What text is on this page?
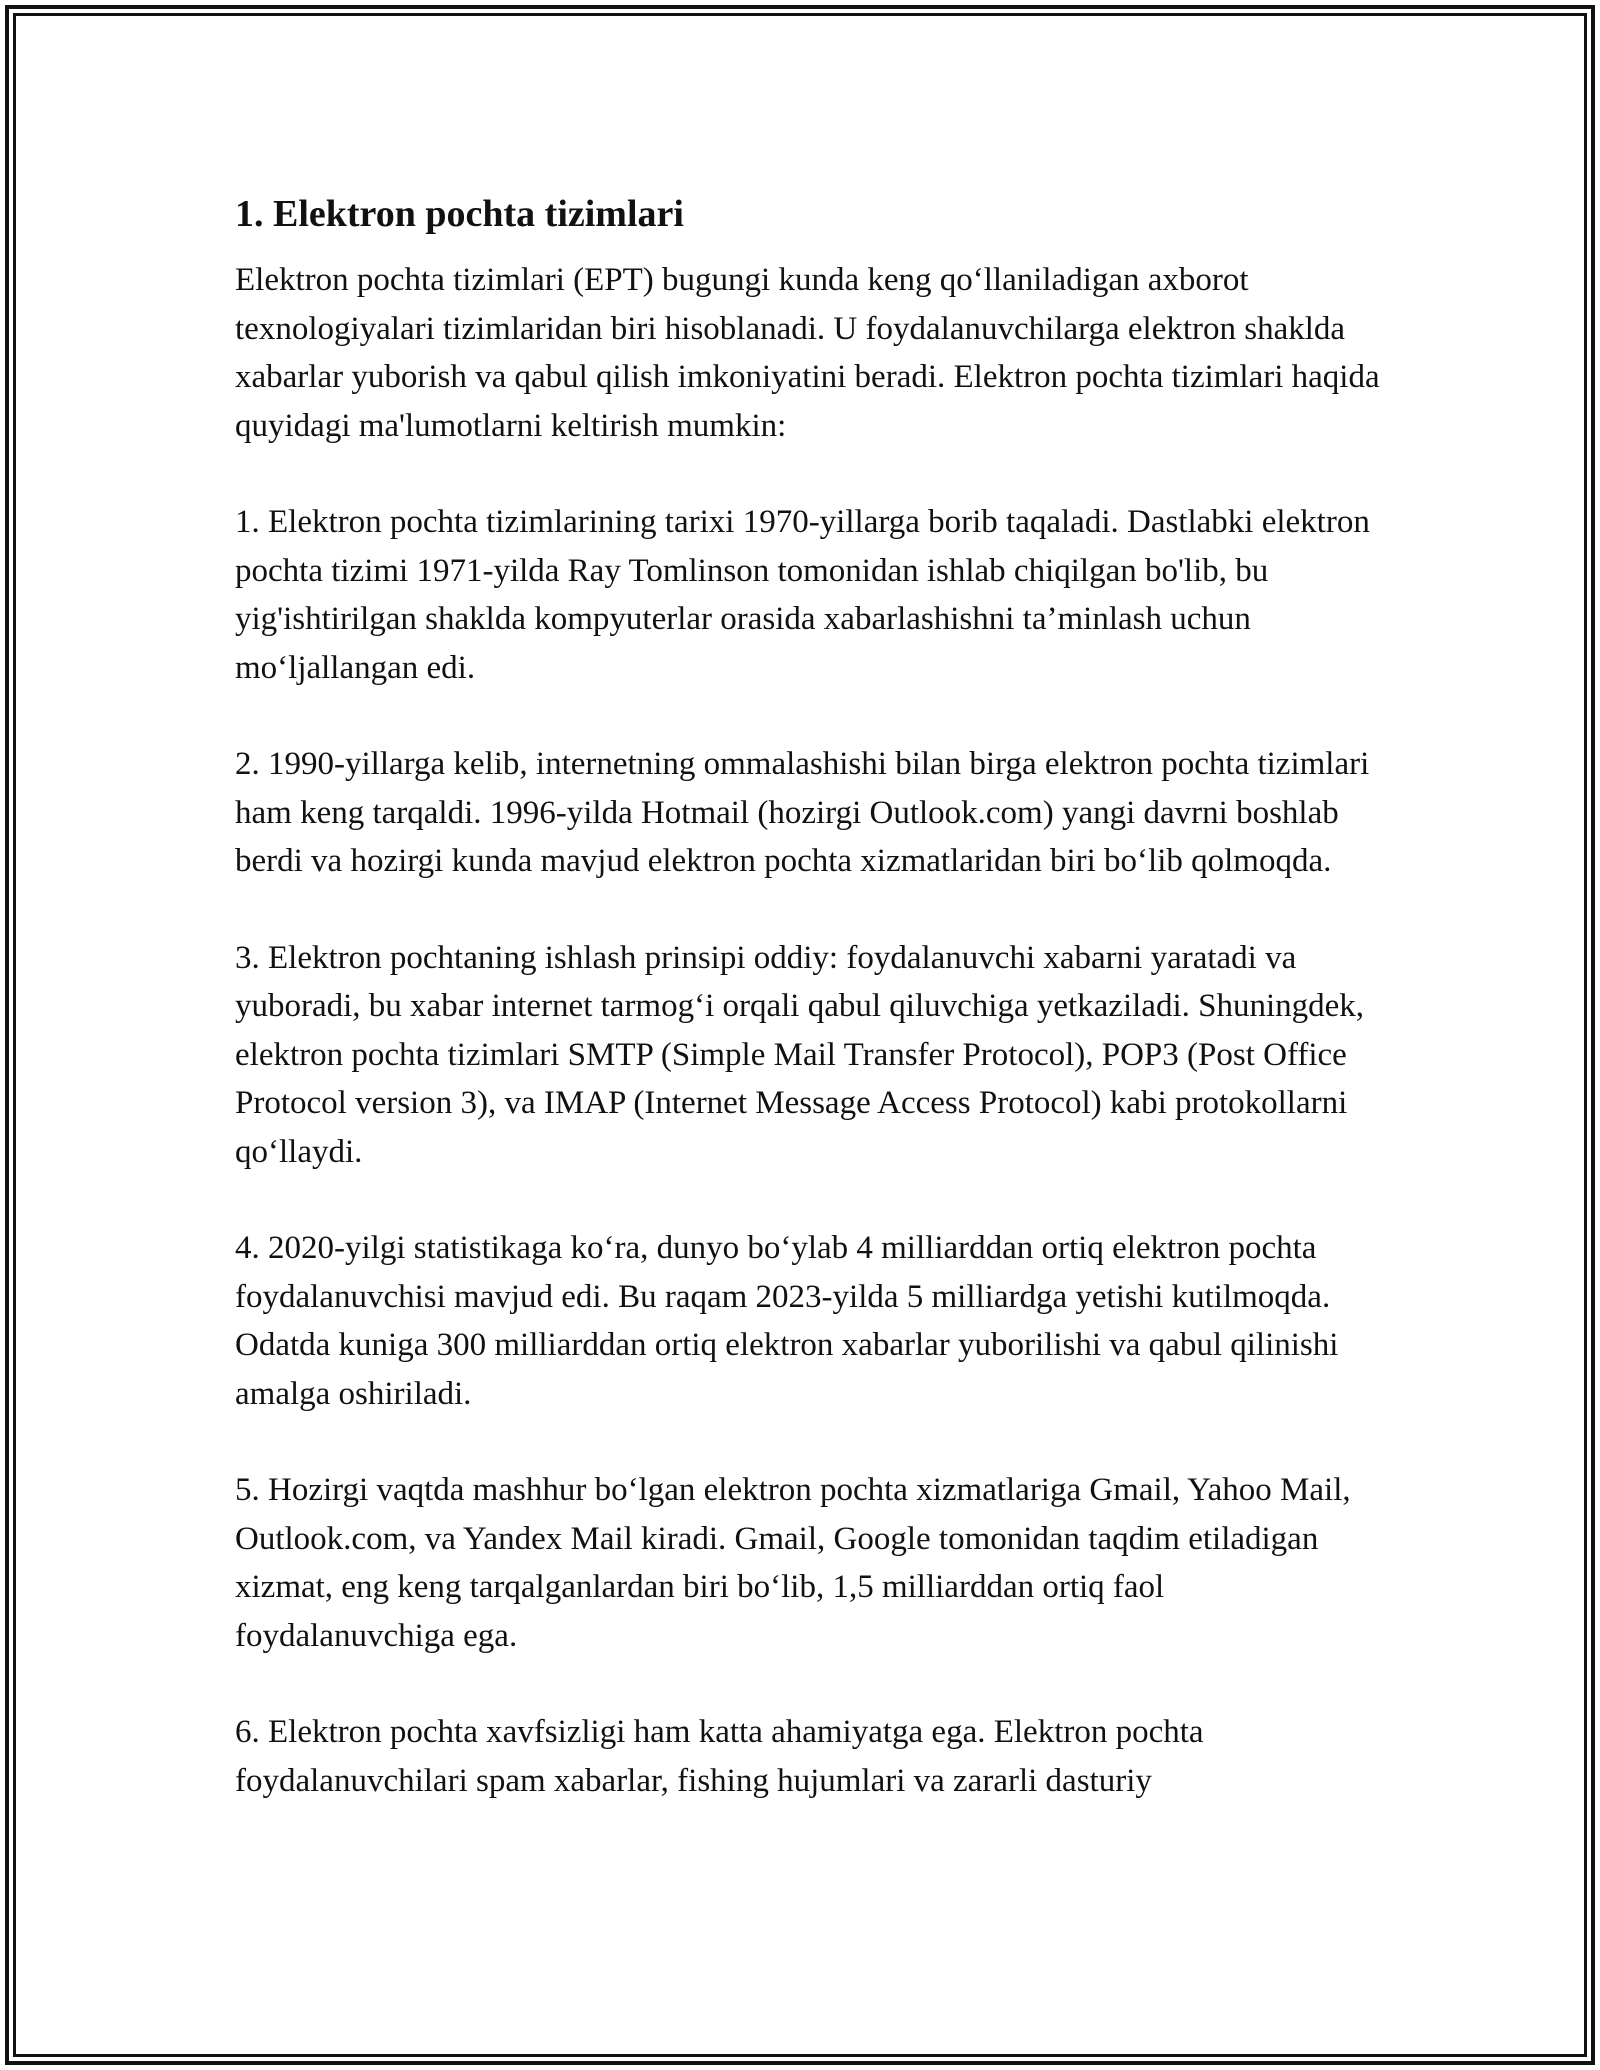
1. Elektron pochta tizimlari

Elektron pochta tizimlari (EPT) bugungi kunda keng qo‘llaniladigan axborot texnologiyalari tizimlaridan biri hisoblanadi. U foydalanuvchilarga elektron shaklda xabarlar yuborish va qabul qilish imkoniyatini beradi. Elektron pochta tizimlari haqida quyidagi ma'lumotlarni keltirish mumkin:

1. Elektron pochta tizimlarining tarixi 1970-yillarga borib taqaladi. Dastlabki elektron pochta tizimi 1971-yilda Ray Tomlinson tomonidan ishlab chiqilgan bo'lib, bu yig'ishtirilgan shaklda kompyuterlar orasida xabarlashishni ta’minlash uchun mo‘ljallangan edi.

2. 1990-yillarga kelib, internetning ommalashishi bilan birga elektron pochta tizimlari ham keng tarqaldi. 1996-yilda Hotmail (hozirgi Outlook.com) yangi davrni boshlab berdi va hozirgi kunda mavjud elektron pochta xizmatlaridan biri bo‘lib qolmoqda.

3. Elektron pochtaning ishlash prinsipi oddiy: foydalanuvchi xabarni yaratadi va yuboradi, bu xabar internet tarmog‘i orqali qabul qiluvchiga yetkaziladi. Shuningdek, elektron pochta tizimlari SMTP (Simple Mail Transfer Protocol), POP3 (Post Office Protocol version 3), va IMAP (Internet Message Access Protocol) kabi protokollarni qo‘llaydi.

4. 2020-yilgi statistikaga ko‘ra, dunyo bo‘ylab 4 milliarddan ortiq elektron pochta foydalanuvchisi mavjud edi. Bu raqam 2023-yilda 5 milliardga yetishi kutilmoqda. Odatda kuniga 300 milliarddan ortiq elektron xabarlar yuborilishi va qabul qilinishi amalga oshiriladi.

5. Hozirgi vaqtda mashhur bo‘lgan elektron pochta xizmatlariga Gmail, Yahoo Mail, Outlook.com, va Yandex Mail kiradi. Gmail, Google tomonidan taqdim etiladigan xizmat, eng keng tarqalganlardan biri bo‘lib, 1,5 milliarddan ortiq faol foydalanuvchiga ega.

6. Elektron pochta xavfsizligi ham katta ahamiyatga ega. Elektron pochta foydalanuvchilari spam xabarlar, fishing hujumlari va zararli dasturiy
